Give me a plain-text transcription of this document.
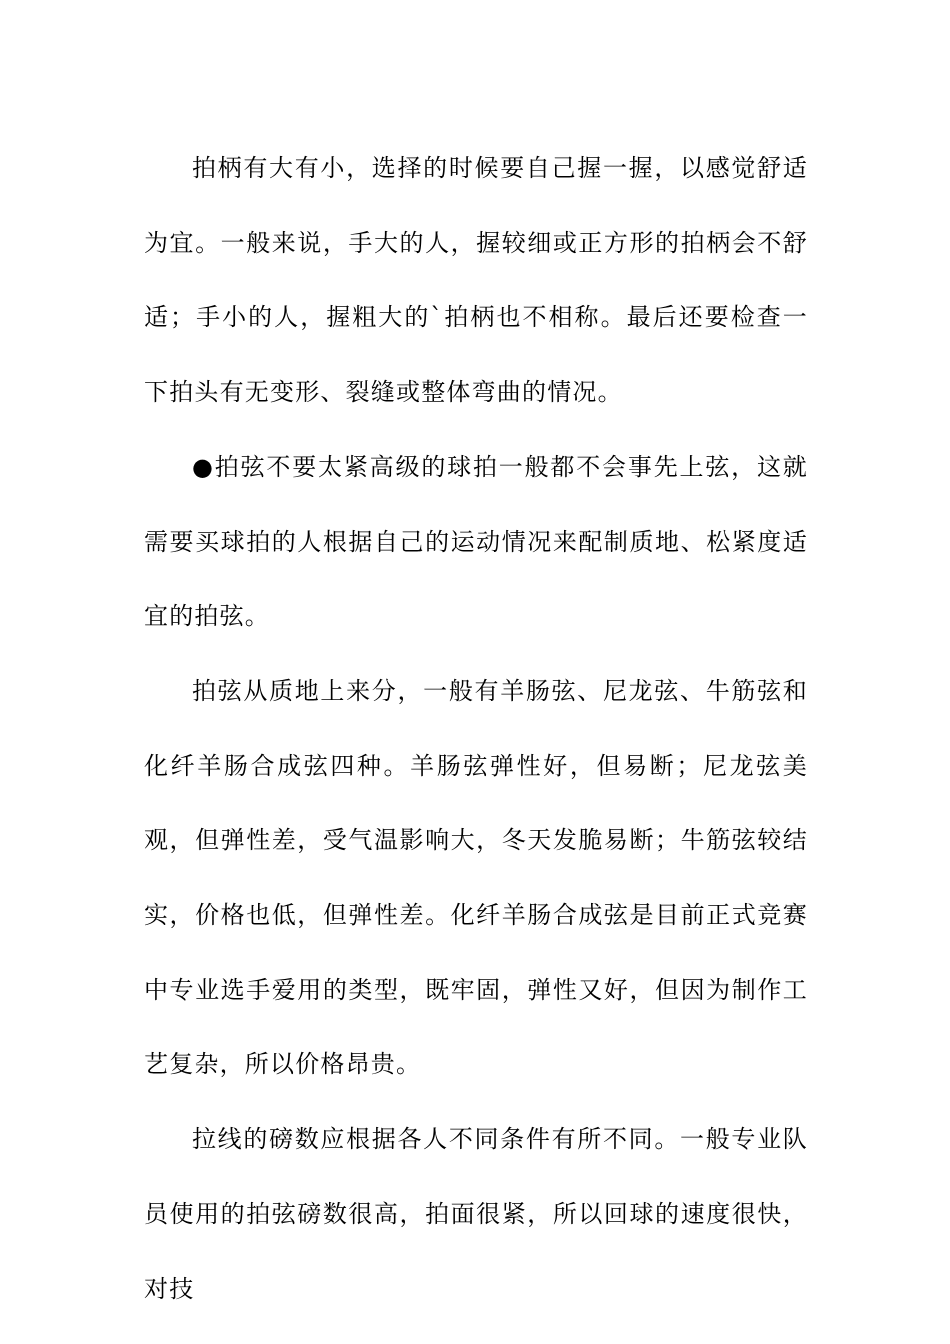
拍柄有大有小，选择的时候要自己握一握，以感觉舒适为宜。一般来说，手大的人，握较细或正方形的拍柄会不舒适；手小的人，握粗大的`拍柄也不相称。最后还要检查一下拍头有无变形、裂缝或整体弯曲的情况。

●拍弦不要太紧高级的球拍一般都不会事先上弦，这就需要买球拍的人根据自己的运动情况来配制质地、松紧度适宜的拍弦。

拍弦从质地上来分，一般有羊肠弦、尼龙弦、牛筋弦和化纤羊肠合成弦四种。羊肠弦弹性好，但易断；尼龙弦美观，但弹性差，受气温影响大，冬天发脆易断；牛筋弦较结实，价格也低，但弹性差。化纤羊肠合成弦是目前正式竞赛中专业选手爱用的类型，既牢固，弹性又好，但因为制作工艺复杂，所以价格昂贵。

拉线的磅数应根据各人不同条件有所不同。一般专业队员使用的拍弦磅数很高，拍面很紧，所以回球的速度很快，对技
